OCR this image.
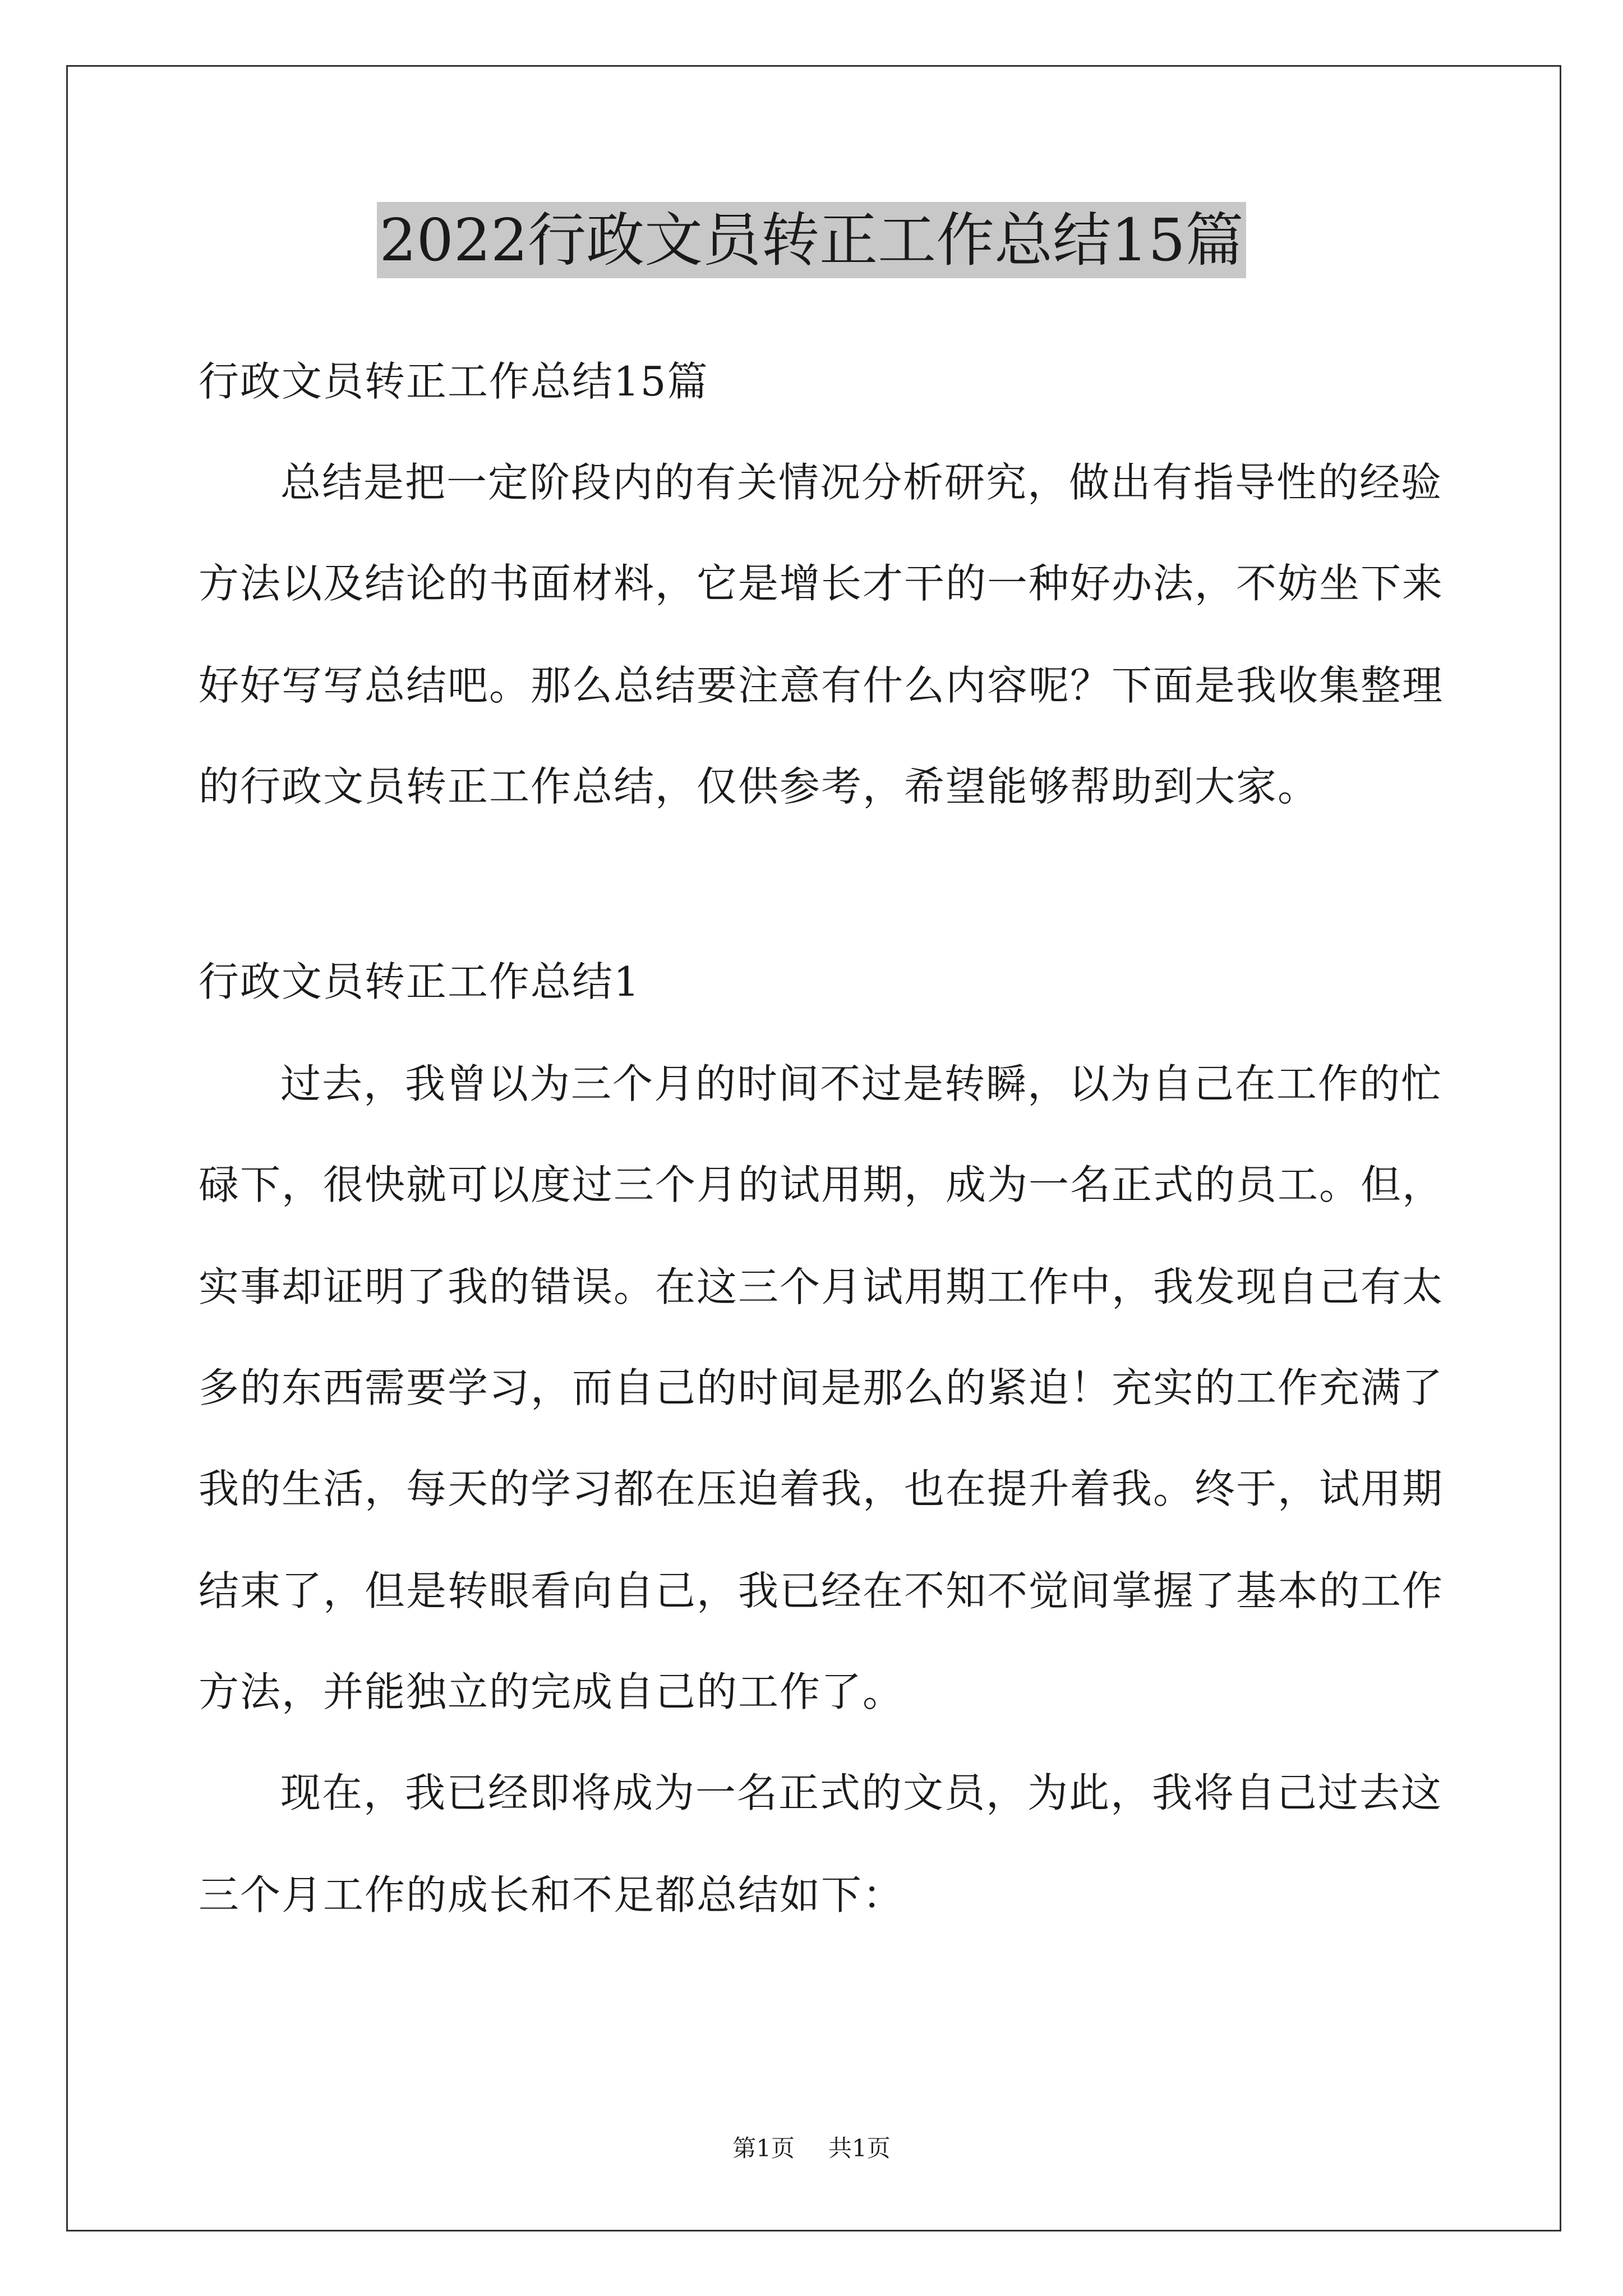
2022行政文员转正工作总结15篇
行政文员转正工作总结15篇
总结是把一定阶段内的有关情况分析研究，做出有指导性的经验
方法以及结论的书面材料，它是增长才干的一种好办法，不妨坐下来
好好写写总结吧。那么总结要注意有什么内容呢？下面是我收集整理
的行政文员转正工作总结，仅供参考，希望能够帮助到大家。
行政文员转正工作总结1
过去，我曾以为三个月的时间不过是转瞬，以为自己在工作的忙
碌下，很快就可以度过三个月的试用期，成为一名正式的员工。但，
实事却证明了我的错误。在这三个月试用期工作中，我发现自己有太
多的东西需要学习，而自己的时间是那么的紧迫！充实的工作充满了
我的生活，每天的学习都在压迫着我，也在提升着我。终于，试用期
结束了，但是转眼看向自己，我已经在不知不觉间掌握了基本的工作
方法，并能独立的完成自己的工作了。
现在，我已经即将成为一名正式的文员，为此，我将自己过去这
三个月工作的成长和不足都总结如下：
第1页 共1页
